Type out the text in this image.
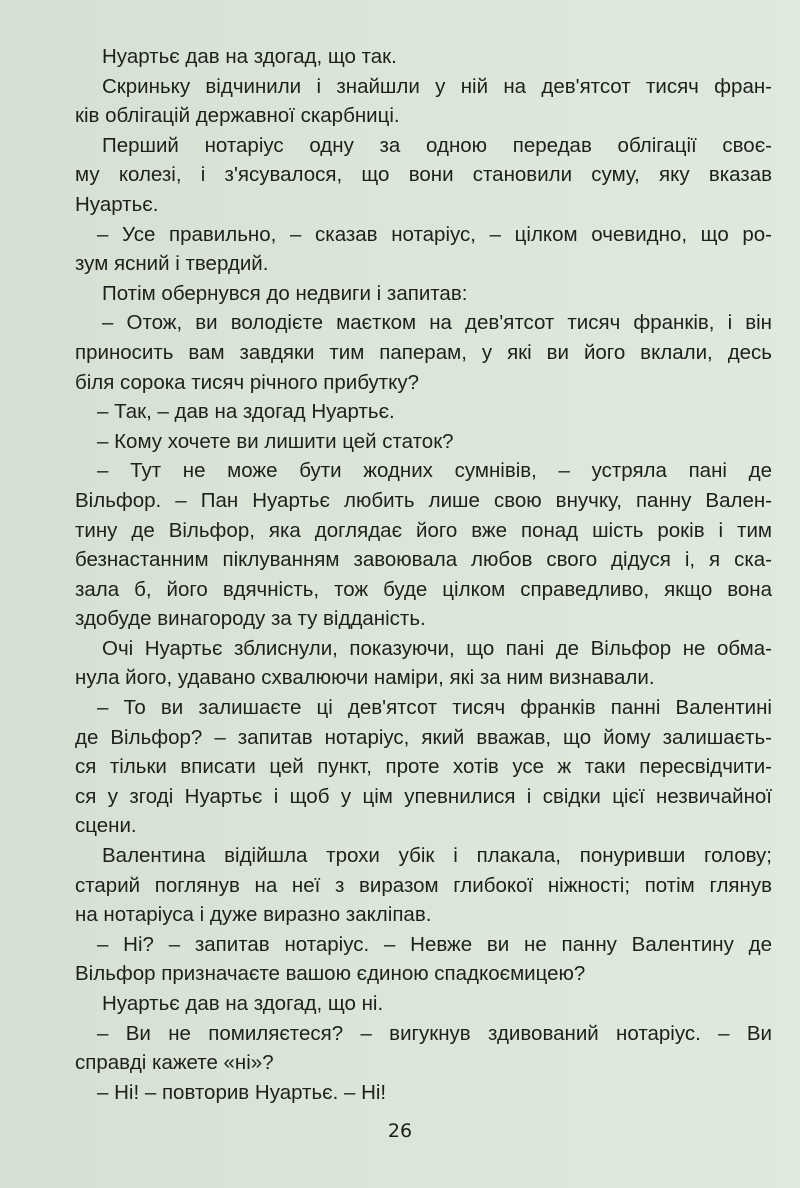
Нуартьє дав на здогад, що так.
Скриньку відчинили і знайшли у ній на дев'ятсот тисяч фран-
ків облігацій державної скарбниці.
Перший нотаріус одну за одною передав облігації своє-
му колезі, і з'ясувалося, що вони становили суму, яку вказав
Нуартьє.
– Усе правильно, – сказав нотаріус, – цілком очевидно, що ро-
зум ясний і твердий.
Потім обернувся до недвиги і запитав:
– Отож, ви володієте маєтком на дев'ятсот тисяч франків, і він
приносить вам завдяки тим паперам, у які ви його вклали, десь
біля сорока тисяч річного прибутку?
– Так, – дав на здогад Нуартьє.
– Кому хочете ви лишити цей статок?
– Тут не може бути жодних сумнівів, – устряла пані де
Вільфор. – Пан Нуартьє любить лише свою внучку, панну Вален-
тину де Вільфор, яка доглядає його вже понад шість років і тим
безнастанним піклуванням завоювала любов свого дідуся і, я ска-
зала б, його вдячність, тож буде цілком справедливо, якщо вона
здобуде винагороду за ту відданість.
Очі Нуартьє зблиснули, показуючи, що пані де Вільфор не обма-
нула його, удавано схвалюючи наміри, які за ним визнавали.
– То ви залишаєте ці дев'ятсот тисяч франків панні Валентині
де Вільфор? – запитав нотаріус, який вважав, що йому залишаєть-
ся тільки вписати цей пункт, проте хотів усе ж таки пересвідчити-
ся у згоді Нуартьє і щоб у цім упевнилися і свідки цієї незвичайної
сцени.
Валентина відійшла трохи убік і плакала, понуривши голову;
старий поглянув на неї з виразом глибокої ніжності; потім глянув
на нотаріуса і дуже виразно закліпав.
– Ні? – запитав нотаріус. – Невже ви не панну Валентину де
Вільфор призначаєте вашою єдиною спадкоємицею?
Нуартьє дав на здогад, що ні.
– Ви не помиляєтеся? – вигукнув здивований нотаріус. – Ви
справді кажете «ні»?
– Ні! – повторив Нуартьє. – Ні!
26
